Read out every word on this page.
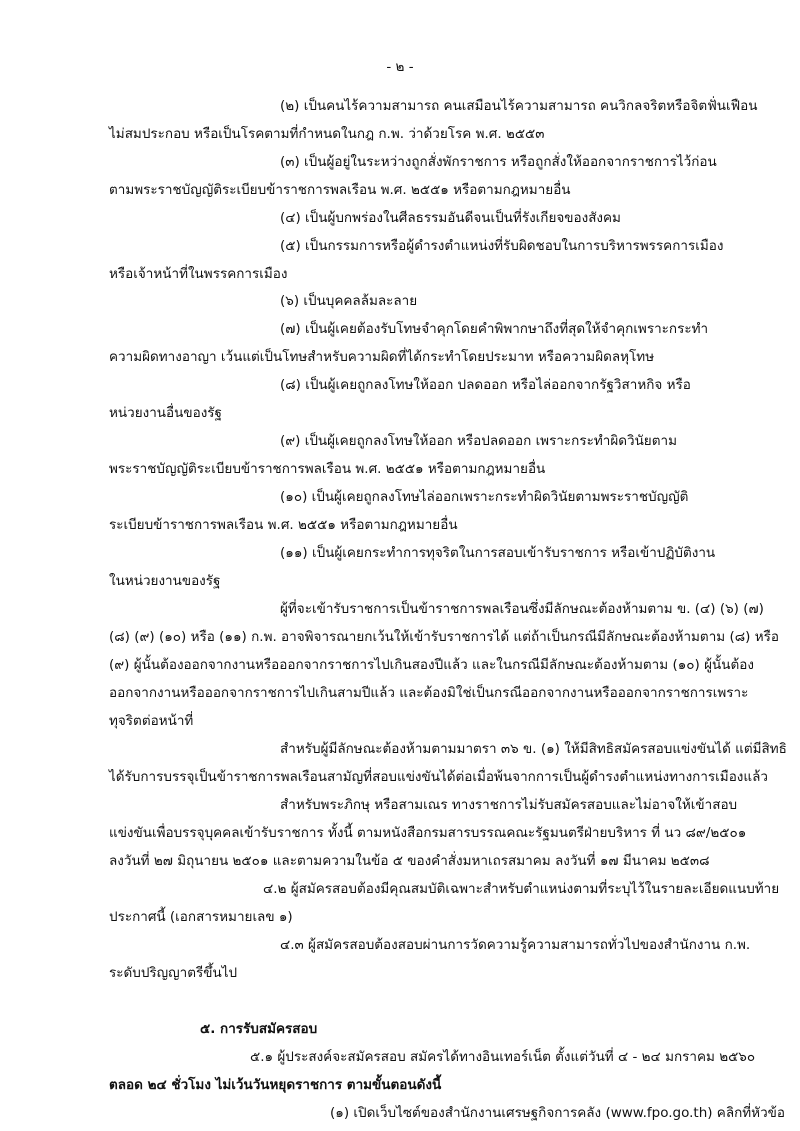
- ๒ -
(๒) เป็นคนไร้ความสามารถ คนเสมือนไร้ความสามารถ คนวิกลจริตหรือจิตฟั่นเฟือน
ไม่สมประกอบ หรือเป็นโรคตามที่กำหนดในกฎ ก.พ. ว่าด้วยโรค พ.ศ. ๒๕๕๓
(๓) เป็นผู้อยู่ในระหว่างถูกสั่งพักราชการ หรือถูกสั่งให้ออกจากราชการไว้ก่อน
ตามพระราชบัญญัติระเบียบข้าราชการพลเรือน พ.ศ. ๒๕๕๑ หรือตามกฎหมายอื่น
(๔) เป็นผู้บกพร่องในศีลธรรมอันดีจนเป็นที่รังเกียจของสังคม
(๕) เป็นกรรมการหรือผู้ดำรงตำแหน่งที่รับผิดชอบในการบริหารพรรคการเมือง
หรือเจ้าหน้าที่ในพรรคการเมือง
(๖) เป็นบุคคลล้มละลาย
(๗) เป็นผู้เคยต้องรับโทษจำคุกโดยคำพิพากษาถึงที่สุดให้จำคุกเพราะกระทำ
ความผิดทางอาญา เว้นแต่เป็นโทษสำหรับความผิดที่ได้กระทำโดยประมาท หรือความผิดลหุโทษ
(๘) เป็นผู้เคยถูกลงโทษให้ออก ปลดออก หรือไล่ออกจากรัฐวิสาหกิจ หรือ
หน่วยงานอื่นของรัฐ
(๙) เป็นผู้เคยถูกลงโทษให้ออก หรือปลดออก เพราะกระทำผิดวินัยตาม
พระราชบัญญัติระเบียบข้าราชการพลเรือน พ.ศ. ๒๕๕๑ หรือตามกฎหมายอื่น
(๑๐) เป็นผู้เคยถูกลงโทษไล่ออกเพราะกระทำผิดวินัยตามพระราชบัญญัติ
ระเบียบข้าราชการพลเรือน พ.ศ. ๒๕๕๑ หรือตามกฎหมายอื่น
(๑๑) เป็นผู้เคยกระทำการทุจริตในการสอบเข้ารับราชการ หรือเข้าปฏิบัติงาน
ในหน่วยงานของรัฐ
ผู้ที่จะเข้ารับราชการเป็นข้าราชการพลเรือนซึ่งมีลักษณะต้องห้ามตาม ข. (๔) (๖) (๗)
(๘) (๙) (๑๐) หรือ (๑๑) ก.พ. อาจพิจารณายกเว้นให้เข้ารับราชการได้ แต่ถ้าเป็นกรณีมีลักษณะต้องห้ามตาม (๘) หรือ
(๙) ผู้นั้นต้องออกจากงานหรือออกจากราชการไปเกินสองปีแล้ว และในกรณีมีลักษณะต้องห้ามตาม (๑๐) ผู้นั้นต้อง
ออกจากงานหรือออกจากราชการไปเกินสามปีแล้ว และต้องมิใช่เป็นกรณีออกจากงานหรือออกจากราชการเพราะ
ทุจริตต่อหน้าที่
สำหรับผู้มีลักษณะต้องห้ามตามมาตรา ๓๖ ข. (๑) ให้มีสิทธิสมัครสอบแข่งขันได้ แต่มีสิทธิ
ได้รับการบรรจุเป็นข้าราชการพลเรือนสามัญที่สอบแข่งขันได้ต่อเมื่อพ้นจากการเป็นผู้ดำรงตำแหน่งทางการเมืองแล้ว
สำหรับพระภิกษุ หรือสามเณร ทางราชการไม่รับสมัครสอบและไม่อาจให้เข้าสอบ
แข่งขันเพื่อบรรจุบุคคลเข้ารับราชการ ทั้งนี้ ตามหนังสือกรมสารบรรณคณะรัฐมนตรีฝ่ายบริหาร ที่ นว ๘๙/๒๕๐๑
ลงวันที่ ๒๗ มิถุนายน ๒๕๐๑ และตามความในข้อ ๕ ของคำสั่งมหาเถรสมาคม ลงวันที่ ๑๗ มีนาคม ๒๕๓๘
๔.๒ ผู้สมัครสอบต้องมีคุณสมบัติเฉพาะสำหรับตำแหน่งตามที่ระบุไว้ในรายละเอียดแนบท้าย
ประกาศนี้ (เอกสารหมายเลข ๑)
๔.๓ ผู้สมัครสอบต้องสอบผ่านการวัดความรู้ความสามารถทั่วไปของสำนักงาน ก.พ.
ระดับปริญญาตรีขึ้นไป
๕. การรับสมัครสอบ
๕.๑ ผู้ประสงค์จะสมัครสอบ สมัครได้ทางอินเทอร์เน็ต ตั้งแต่วันที่ ๔ - ๒๔ มกราคม ๒๕๖๐
ตลอด ๒๔ ชั่วโมง ไม่เว้นวันหยุดราชการ ตามขั้นตอนดังนี้
(๑) เปิดเว็บไซต์ของสำนักงานเศรษฐกิจการคลัง (www.fpo.go.th) คลิกที่หัวข้อ
